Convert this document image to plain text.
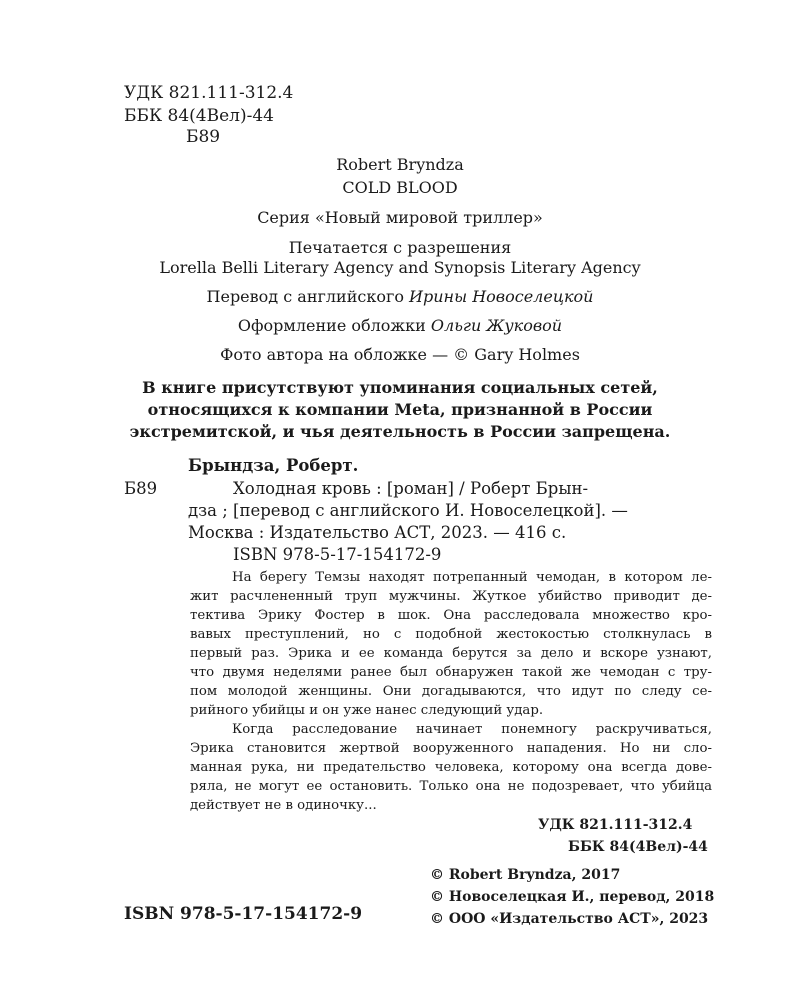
УДК 821.111-312.4
ББК 84(4Вел)-44
Б89
Robert Bryndza
COLD BLOOD
Серия «Новый мировой триллер»
Печатается с разрешения
Lorella Belli Literary Agency and Synopsis Literary Agency
Перевод с английского Ирины Новоселецкой
Оформление обложки Ольги Жуковой
Фото автора на обложке — © Gary Holmes
В книге присутствуют упоминания социальных сетей,
относящихся к компании Meta, признанной в России
экстремитской, и чья деятельность в России запрещена.
Брындза, Роберт.
Б89	Холодная кровь : [роман] / Роберт Брын-
дза ; [перевод с английского И. Новоселецкой]. —
Москва : Издательство АСТ, 2023. — 416 с.
ISBN 978-5-17-154172-9
На берегу Темзы находят потрепанный чемодан, в котором ле-
жит расчлененный труп мужчины. Жуткое убийство приводит де-
тектива Эрику Фостер в шок. Она расследовала множество кро-
вавых преступлений, но с подобной жестокостью столкнулась в
первый раз. Эрика и ее команда берутся за дело и вскоре узнают,
что двумя неделями ранее был обнаружен такой же чемодан с тру-
пом молодой женщины. Они догадываются, что идут по следу се-
рийного убийцы и он уже нанес следующий удар.
Когда расследование начинает понемногу раскручиваться,
Эрика становится жертвой вооруженного нападения. Но ни сло-
манная рука, ни предательство человека, которому она всегда дове-
ряла, не могут ее остановить. Только она не подозревает, что убийца
действует не в одиночку...
УДК 821.111-312.4
ББК 84(4Вел)-44
© Robert Bryndza, 2017
© Новоселецкая И., перевод, 2018
© ООО «Издательство АСТ», 2023
ISBN 978-5-17-154172-9
